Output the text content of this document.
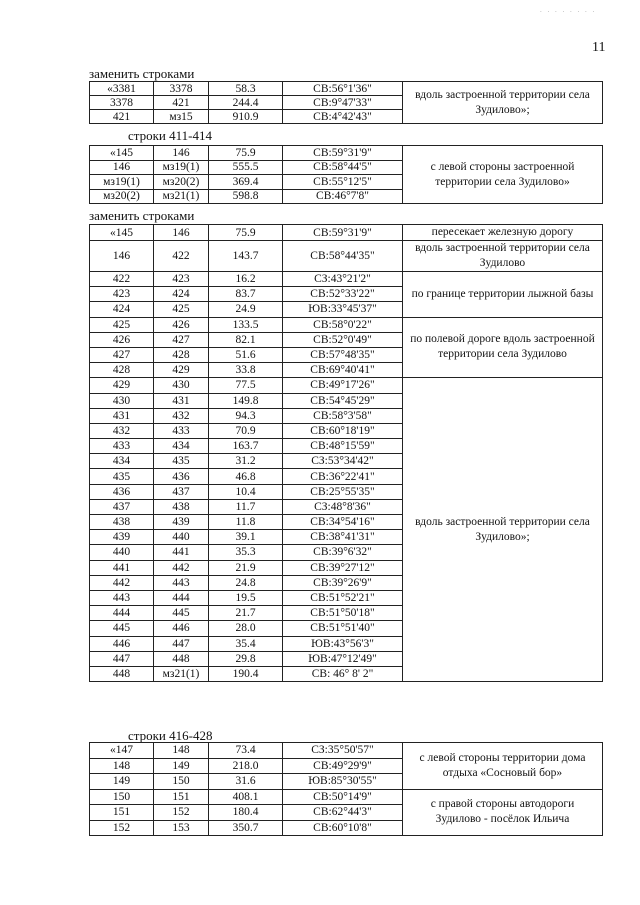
11
. . . . . . . .
заменить строками
«3381	3378	58.3	СВ:56°1'36"	вдоль застроенной территории села Зудилово»;
3378	421	244.4	СВ:9°47'33"	
421	мз15	910.9	СВ:4°42'43"	
строки 411-414
«145	146	75.9	СВ:59°31'9"	с левой стороны застроенной территории села Зудилово»
146	мз19(1)	555.5	СВ:58°44'5"	
мз19(1)	мз20(2)	369.4	СВ:55°12'5"	
мз20(2)	мз21(1)	598.8	СВ:46°7'8"	
заменить строками
«145	146	75.9	СВ:59°31'9"	пересекает железную дорогу
146	422	143.7	СВ:58°44'35"	вдоль застроенной территории села Зудилово
422	423	16.2	СЗ:43°21'2"	по границе территории лыжной базы
423	424	83.7	СВ:52°33'22"	
424	425	24.9	ЮВ:33°45'37"	
425	426	133.5	СВ:58°0'22"	по полевой дороге вдоль застроенной территории села Зудилово
426	427	82.1	СВ:52°0'49"	
427	428	51.6	СВ:57°48'35"	
428	429	33.8	СВ:69°40'41"	
429	430	77.5	СВ:49°17'26"	вдоль застроенной территории села Зудилово»;
430	431	149.8	СВ:54°45'29"	
431	432	94.3	СВ:58°3'58"	
432	433	70.9	СВ:60°18'19"	
433	434	163.7	СВ:48°15'59"	
434	435	31.2	СЗ:53°34'42"	
435	436	46.8	СВ:36°22'41"	
436	437	10.4	СВ:25°55'35"	
437	438	11.7	СЗ:48°8'36"	
438	439	11.8	СВ:34°54'16"	
439	440	39.1	СВ:38°41'31"	
440	441	35.3	СВ:39°6'32"	
441	442	21.9	СВ:39°27'12"	
442	443	24.8	СВ:39°26'9"	
443	444	19.5	СВ:51°52'21"	
444	445	21.7	СВ:51°50'18"	
445	446	28.0	СВ:51°51'40"	
446	447	35.4	ЮВ:43°56'3"	
447	448	29.8	ЮВ:47°12'49"	
448	мз21(1)	190.4	СВ: 46° 8' 2"	
строки 416-428
«147	148	73.4	СЗ:35°50'57"	с левой стороны территории дома отдыха «Сосновый бор»
148	149	218.0	СВ:49°29'9"	
149	150	31.6	ЮВ:85°30'55"	
150	151	408.1	СВ:50°14'9"	с правой стороны автодороги Зудилово - посёлок Ильича
151	152	180.4	СВ:62°44'3"	
152	153	350.7	СВ:60°10'8"	
